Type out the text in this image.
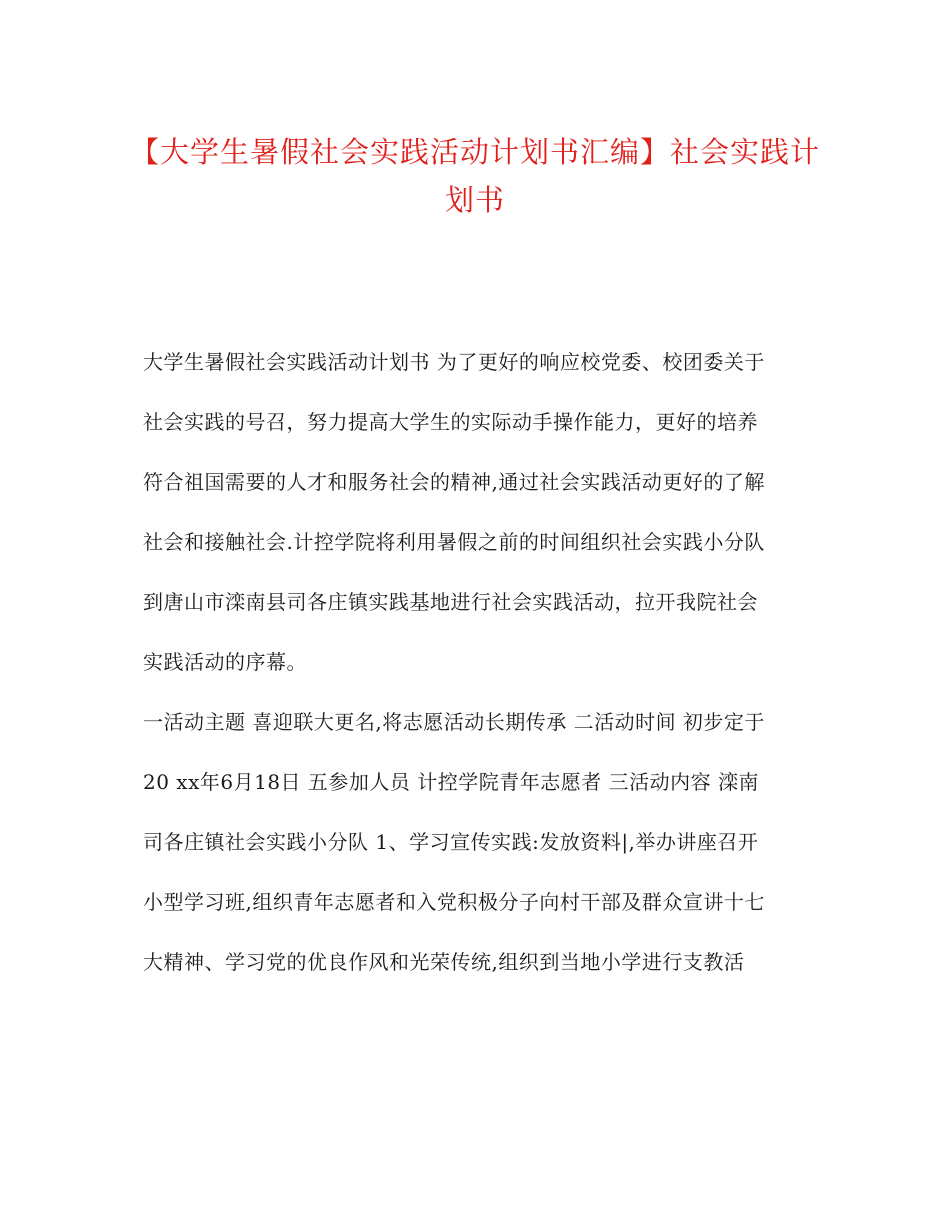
【大学生暑假社会实践活动计划书汇编】社会实践计
划书
大学生暑假社会实践活动计划书 为了更好的响应校党委、校团委关于
社会实践的号召，努力提高大学生的实际动手操作能力，更好的培养
符合祖国需要的人才和服务社会的精神,通过社会实践活动更好的了解
社会和接触社会.计控学院将利用暑假之前的时间组织社会实践小分队
到唐山市滦南县司各庄镇实践基地进行社会实践活动，拉开我院社会
实践活动的序幕。
一活动主题 喜迎联大更名,将志愿活动长期传承 二活动时间 初步定于
20 xx年6月18日 五参加人员 计控学院青年志愿者 三活动内容 滦南
司各庄镇社会实践小分队 1、学习宣传实践:发放资料|,举办讲座召开
小型学习班,组织青年志愿者和入党积极分子向村干部及群众宣讲十七
大精神、学习党的优良作风和光荣传统,组织到当地小学进行支教活
